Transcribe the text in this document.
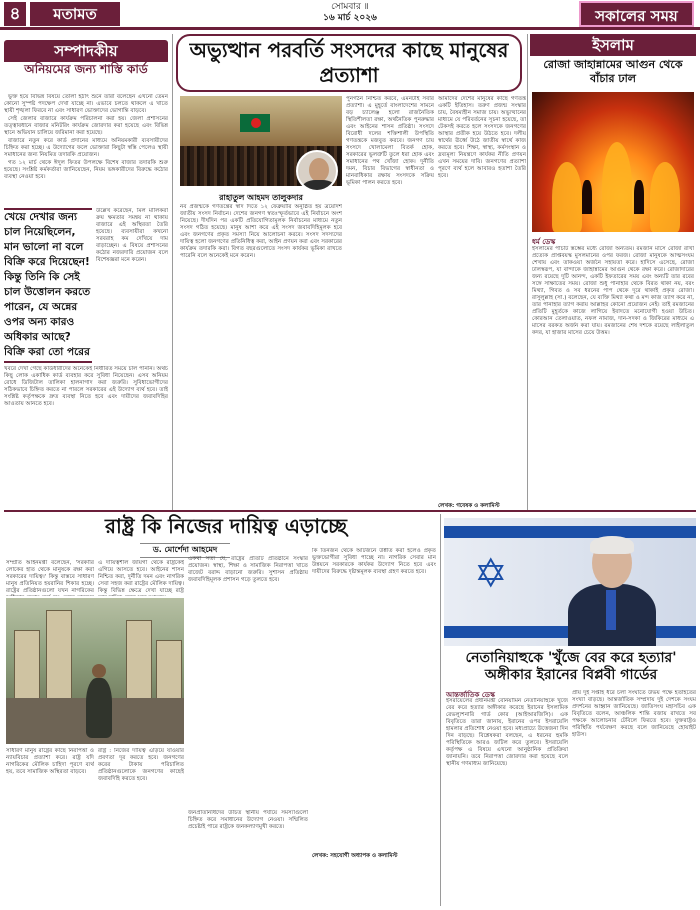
৪	মতামত	সোমবার ॥
১৬ মার্চ ২০২৬	সকালের সময়
সম্পাদকীয়
অনিয়মের জন্য শাস্তি কার্ড

ভুক্ত হয়ে বিভিন্ন বিষয়ে তোলা হঠাৎ শুনে তারা বলেছেন এখনো তেমন কোনো সুস্পষ্ট পদক্ষেপ দেখা যাচ্ছে না। এভাবে চলতে থাকলে এ খাতে স্থায়ী শৃঙ্খলা ফিরবে না এবং সাধারণ ভোক্তাদের ভোগান্তি বাড়বে।

সেই জেলার বাজারে কার্যক্রম পরিচালনা করা হয়। জেলা প্রশাসনের তত্ত্বাবধানে বাজার মনিটরিং কার্যক্রম জোরদার করা হয়েছে এবং বিভিন্ন স্থানে অভিযান চালিয়ে জরিমানা করা হয়েছে।

বাজারে নতুন করে কার্ড প্রদানের মাধ্যমে অনিয়মকারী ব্যবসায়ীদের চিহ্নিত করা হচ্ছে। এ উদ্যোগের ফলে ভোক্তারা কিছুটা স্বস্তি পেলেও স্থায়ী সমাধানের জন্য নিয়মিত তদারকি প্রয়োজন।

গত ১২ মার্চ থেকে ঈদুল ফিতর উপলক্ষে বিশেষ বাজার তদারকি শুরু হয়েছে। সংশ্লিষ্ট কর্মকর্তারা জানিয়েছেন, নিয়ম ভঙ্গকারীদের বিরুদ্ধে কঠোর ব্যবস্থা নেওয়া হবে।

খেয়ে দেখার জন্য চাল নিয়েছিলেন, মান ভালো না বলে বিক্রি করে দিয়েছেন! কিন্তু তিনি কি সেই চাল উত্তোলন করতে পারেন, যে অন্নের ওপর অন্য কারও অধিকার আছে? বিক্রি করা তো পরের
উল্লেখ করেছেন, মিল মালিকরা ক্রয় ক্ষমতার সমন্বয় না থাকায় বাজারে এই অস্থিরতা তৈরি হয়েছে। ব্যবসায়ীরা কখনো সরবরাহ কম দেখিয়ে দাম বাড়াচ্ছেন। এ বিষয়ে প্রশাসনের কঠোর নজরদারি প্রয়োজন বলে বিশেষজ্ঞরা মনে করেন।
খবরে দেখা গেছে কার্ডধারীদের অনেকেই নির্ধারিত সময়ে চাল পাননি। অথচ কিছু লোক একাধিক কার্ড ব্যবহার করে সুবিধা নিয়েছেন। এসব অনিয়ম রোধে ডিজিটাল তালিকা হালনাগাদ করা জরুরি। সুবিধাভোগীদের সঠিকভাবে চিহ্নিত করতে না পারলে সরকারের এই উদ্যোগ ব্যর্থ হবে। তাই সংশ্লিষ্ট কর্তৃপক্ষকে দ্রুত ব্যবস্থা নিতে হবে এবং দায়ীদের জবাবদিহির আওতায় আনতে হবে।
অভ্যুত্থান পরবর্তি সংসদের কাছে মানুষের প্রত্যাশা
রাহাতুল আহমদ তালুকদার
নব প্রজন্মকে গণতন্ত্রের স্বাদ দিতে ১২ ফেব্রুয়ারি অনুষ্ঠিত হয় ত্রয়োদশ জাতীয় সংসদ নির্বাচন। দেশের জনগণ স্বতঃস্ফূর্তভাবে এই নির্বাচনে অংশ নিয়েছে। দীর্ঘদিন পর একটি প্রতিযোগিতামূলক নির্বাচনের মাধ্যমে নতুন সংসদ গঠিত হয়েছে। মানুষ আশা করে এই সংসদ জবাবদিহিমূলক হবে এবং জনগণের প্রকৃত সমস্যা নিয়ে আলোচনা করবে। সংসদ সদস্যদের দায়িত্ব হলো জনগণের প্রতিনিধিত্ব করা, আইন প্রণয়ন করা এবং সরকারের কার্যক্রম তদারকি করা। বিগত বছরগুলোতে সংসদ কার্যকর ভূমিকা রাখতে পারেনি বলে অনেকেই মনে করেন।
পুনর্গঠন নিশ্চিত করবে, এমনটাই সবার প্রত্যাশা। এ মুহূর্তে বাংলাদেশের সামনে বড় চ্যালেঞ্জ হলো রাজনৈতিক স্থিতিশীলতা রক্ষা, অর্থনৈতিক পুনরুদ্ধার এবং আইনের শাসন প্রতিষ্ঠা। সংসদে বিরোধী দলের শক্তিশালী উপস্থিতি গণতন্ত্রকে মজবুত করবে। জনগণ চায় সংসদে খোলামেলা বিতর্ক হোক, সরকারের ভুলত্রুটি তুলে ধরা হোক এবং সমাধানের পথ খোঁজা হোক। দুর্নীতি দমন, বিচার বিভাগের স্বাধীনতা ও মানবাধিকার রক্ষায় সংসদকে সক্রিয় ভূমিকা পালন করতে হবে।
আমাদের দেশের মানুষের কাছে গণতন্ত্র একটি ইতিহাস। তরুণ প্রজন্ম সংস্কার চায়, বৈষম্যহীন সমাজ চায়। অভ্যুত্থানের মাধ্যমে যে পরিবর্তনের সূচনা হয়েছে, তা টেকসই করতে হলে সংসদকে জনগণের আস্থার প্রতীক হয়ে উঠতে হবে। দলীয় স্বার্থের ঊর্ধ্বে উঠে জাতীয় স্বার্থে কাজ করতে হবে। শিক্ষা, স্বাস্থ্য, কর্মসংস্থান ও দ্রব্যমূল্য নিয়ন্ত্রণে কার্যকর নীতি প্রণয়ন এখন সময়ের দাবি। জনগণের প্রত্যাশা পূরণে ব্যর্থ হলে আবারও হতাশা তৈরি হবে।
লেখক: গবেষক ও কলামিস্ট
ইসলাম
রোজা জাহান্নামের আগুন থেকে বাঁচার ঢাল
ধর্ম ডেস্ক
ইসলামের পাঁচটি স্তম্ভের মধ্যে রোজা অন্যতম। রমজান মাসে রোজা রাখা প্রত্যেক প্রাপ্তবয়স্ক মুসলমানের ওপর ফরজ। রোজা মানুষকে আত্মসংযম শেখায় এবং তাকওয়া অর্জনে সহায়তা করে। হাদিসে এসেছে, রোজা ঢালস্বরূপ, যা বান্দাকে জাহান্নামের আগুন থেকে রক্ষা করে। রোজাদারের জন্য রয়েছে দুটি আনন্দ, একটি ইফতারের সময় এবং অন্যটি তার রবের সঙ্গে সাক্ষাতের সময়। রোজা শুধু পানাহার থেকে বিরত থাকা নয়, বরং মিথ্যা, গিবত ও সব ধরনের পাপ থেকে দূরে থাকাই প্রকৃত রোজা। রাসুলুল্লাহ (সা.) বলেছেন, যে ব্যক্তি মিথ্যা কথা ও মন্দ কাজ ত্যাগ করে না, তার পানাহার ত্যাগ করায় আল্লাহর কোনো প্রয়োজন নেই। তাই রমজানের প্রতিটি মুহূর্তকে কাজে লাগিয়ে ইবাদতে মনোযোগী হওয়া উচিত। কোরআন তেলাওয়াত, নফল নামাজ, দান-সদকা ও জিকিরের মাধ্যমে এ মাসের বরকত অর্জন করা যায়। রমজানের শেষ দশকে রয়েছে লাইলাতুল কদর, যা হাজার মাসের চেয়ে উত্তম।
রাষ্ট্র কি নিজের দায়িত্ব এড়াচ্ছে
ড. মোর্শেদা আহমেদ
সম্প্রতি আইনমন্ত্রী বলেছেন, 'সরকারি লোকের হাত থেকে মানুষকে রক্ষা করা সরকারের দায়িত্ব।' কিন্তু বাস্তবে সাধারণ মানুষ প্রতিনিয়ত হয়রানির শিকার হচ্ছে। রাষ্ট্রের প্রতিষ্ঠানগুলো যখন নাগরিকের
এ দায়িত্বশীল জায়গা থেকে রাষ্ট্রকেই এগিয়ে আসতে হবে। আইনের শাসন নিশ্চিত করা, দুর্নীতি দমন এবং নাগরিক সেবা সহজ করা রাষ্ট্রের মৌলিক দায়িত্ব। কিন্তু বিভিন্ন ক্ষেত্রে দেখা যাচ্ছে রাষ্ট্র
একথা সত্য যে, রাষ্ট্রের প্রতিটি প্রতিষ্ঠানে সংস্কার প্রয়োজন। স্বাস্থ্য, শিক্ষা ও সামাজিক নিরাপত্তা খাতে বাজেট বরাদ্দ বাড়ানো জরুরি। সুশাসন প্রতিষ্ঠায় জবাবদিহিমূলক প্রশাসন গড়ে তুলতে হবে।
কি তিনজন থেকে আটজনে উন্নীত করা হলেও প্রকৃত ভুক্তভোগীরা সুবিধা পাচ্ছে না। নাগরিক সেবার মান উন্নয়নে সরকারকে কার্যকর উদ্যোগ নিতে হবে এবং দায়ীদের বিরুদ্ধে দৃষ্টান্তমূলক ব্যবস্থা গ্রহণ করতে হবে।
সাধারণ মানুষ রাষ্ট্রের কাছে নিরাপত্তা ও ন্যায়বিচার প্রত্যাশা করে। রাষ্ট্র যদি নাগরিকের মৌলিক চাহিদা পূরণে ব্যর্থ হয়, তবে সামাজিক অস্থিরতা বাড়বে।
রাষ্ট্র : নিজের দায়িত্ব এড়িয়ে যাওয়ার প্রবণতা দূর করতে হবে। জনগণের করের টাকায় পরিচালিত প্রতিষ্ঠানগুলোকে জনগণের কাছেই জবাবদিহি করতে হবে।
জনপ্রতিনিধিদের উচিত স্থানীয় পর্যায়ে সমস্যাগুলো চিহ্নিত করে সমাধানের উদ্যোগ নেওয়া। সম্মিলিত প্রচেষ্টাই পারে রাষ্ট্রকে জনকল্যাণমুখী করতে।
লেখক: সহযোগী অধ্যাপক ও কলামিস্ট
✡
নেতানিয়াহুকে 'খুঁজে বের করে হত্যার' অঙ্গীকার ইরানের বিপ্লবী গার্ডের
আন্তর্জাতিক ডেস্ক
ইসরায়েলের প্রধানমন্ত্রী বেনিয়ামিন নেতানিয়াহুকে খুঁজে বের করে হত্যার অঙ্গীকার করেছে ইরানের ইসলামিক রেভল্যুশনারি গার্ড কোর (আইআরজিসি)। এক বিবৃতিতে তারা জানায়, ইরানের ওপর ইসরায়েলি হামলার প্রতিশোধ নেওয়া হবে। মধ্যপ্রাচ্যে উত্তেজনা দিন দিন বাড়ছে। বিশ্লেষকরা বলছেন, এ ধরনের হুমকি পরিস্থিতিকে আরও জটিল করে তুলবে। ইসরায়েলি কর্তৃপক্ষ এ বিষয়ে এখনো আনুষ্ঠানিক প্রতিক্রিয়া জানায়নি। তবে নিরাপত্তা জোরদার করা হয়েছে বলে স্থানীয় গণমাধ্যম জানিয়েছে।
প্রায় দুই সপ্তাহ ধরে চলা সংঘাতে উভয় পক্ষে হতাহতের সংখ্যা বাড়ছে। আন্তর্জাতিক সম্প্রদায় দুই দেশকে সংযম প্রদর্শনের আহ্বান জানিয়েছে। জাতিসংঘ মহাসচিব এক বিবৃতিতে বলেন, আঞ্চলিক শান্তি বজায় রাখতে সব পক্ষকে আলোচনার টেবিলে ফিরতে হবে। যুক্তরাষ্ট্রও পরিস্থিতি পর্যবেক্ষণ করছে বলে জানিয়েছে হোয়াইট হাউস।
